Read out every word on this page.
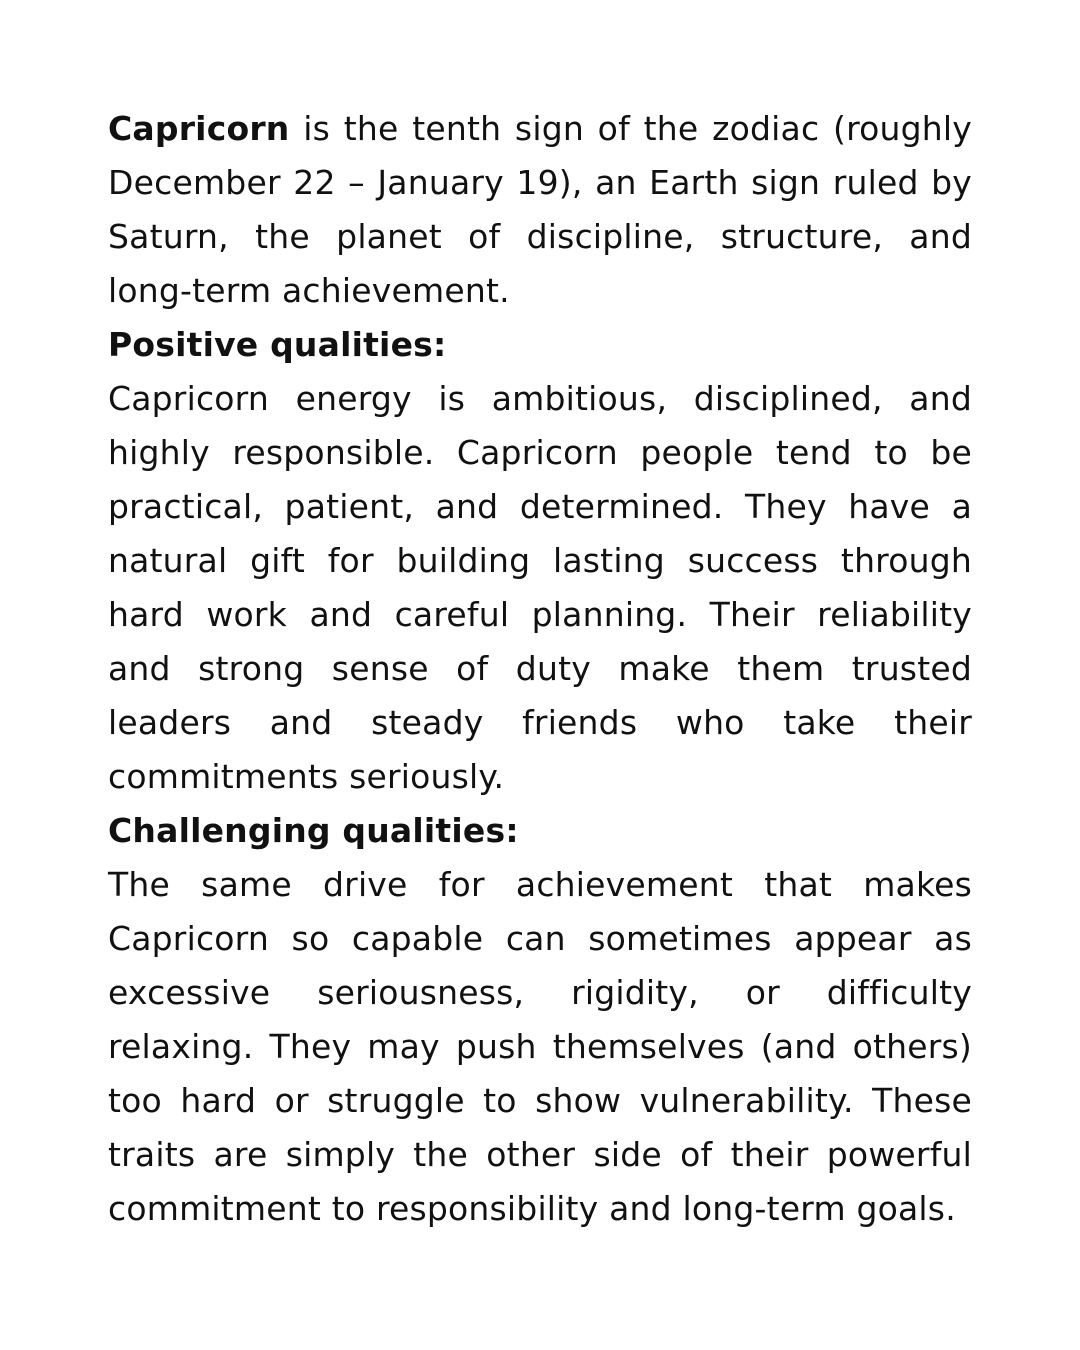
Capricorn is the tenth sign of the zodiac (roughly December 22 – January 19), an Earth sign ruled by Saturn, the planet of discipline, structure, and long-term achievement.

Positive qualities:

Capricorn energy is ambitious, disciplined, and highly responsible. Capricorn people tend to be practical, patient, and determined. They have a natural gift for building lasting success through hard work and careful planning. Their reliability and strong sense of duty make them trusted leaders and steady friends who take their commitments seriously.

Challenging qualities:

The same drive for achievement that makes Capricorn so capable can sometimes appear as excessive seriousness, rigidity, or difficulty relaxing. They may push themselves (and others) too hard or struggle to show vulnerability. These traits are simply the other side of their powerful commitment to responsibility and long-term goals.
